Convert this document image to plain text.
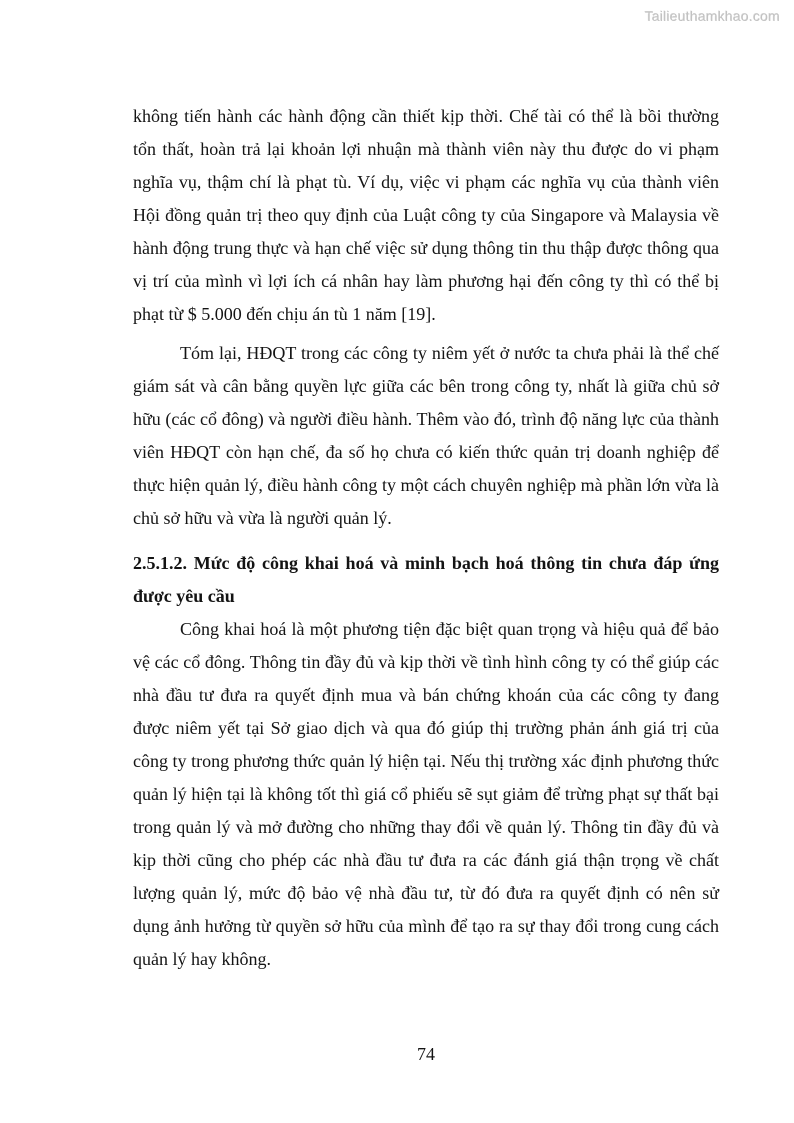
Tailieuthamkhao.com

không tiến hành các hành động cần thiết kịp thời. Chế tài có thể là bồi thường tổn thất, hoàn trả lại khoản lợi nhuận mà thành viên này thu được do vi phạm nghĩa vụ, thậm chí là phạt tù. Ví dụ, việc vi phạm các nghĩa vụ của thành viên Hội đồng quản trị theo quy định của Luật công ty của Singapore và Malaysia về hành động trung thực và hạn chế việc sử dụng thông tin thu thập được thông qua vị trí của mình vì lợi ích cá nhân hay làm phương hại đến công ty thì có thể bị phạt từ $ 5.000 đến chịu án tù 1 năm [19].

Tóm lại, HĐQT trong các công ty niêm yết ở nước ta chưa phải là thể chế giám sát và cân bằng quyền lực giữa các bên trong công ty, nhất là giữa chủ sở hữu (các cổ đông) và người điều hành. Thêm vào đó, trình độ năng lực của thành viên HĐQT còn hạn chế, đa số họ chưa có kiến thức quản trị doanh nghiệp để thực hiện quản lý, điều hành công ty một cách chuyên nghiệp mà phần lớn vừa là chủ sở hữu và vừa là người quản lý.

2.5.1.2. Mức độ công khai hoá và minh bạch hoá thông tin chưa đáp ứng được yêu cầu

Công khai hoá là một phương tiện đặc biệt quan trọng và hiệu quả để bảo vệ các cổ đông. Thông tin đầy đủ và kịp thời về tình hình công ty có thể giúp các nhà đầu tư đưa ra quyết định mua và bán chứng khoán của các công ty đang được niêm yết tại Sở giao dịch và qua đó giúp thị trường phản ánh giá trị của công ty trong phương thức quản lý hiện tại. Nếu thị trường xác định phương thức quản lý hiện tại là không tốt thì giá cổ phiếu sẽ sụt giảm để trừng phạt sự thất bại trong quản lý và mở đường cho những thay đổi về quản lý. Thông tin đầy đủ và kịp thời cũng cho phép các nhà đầu tư đưa ra các đánh giá thận trọng về chất lượng quản lý, mức độ bảo vệ nhà đầu tư, từ đó đưa ra quyết định có nên sử dụng ảnh hưởng từ quyền sở hữu của mình để tạo ra sự thay đổi trong cung cách quản lý hay không.

74
